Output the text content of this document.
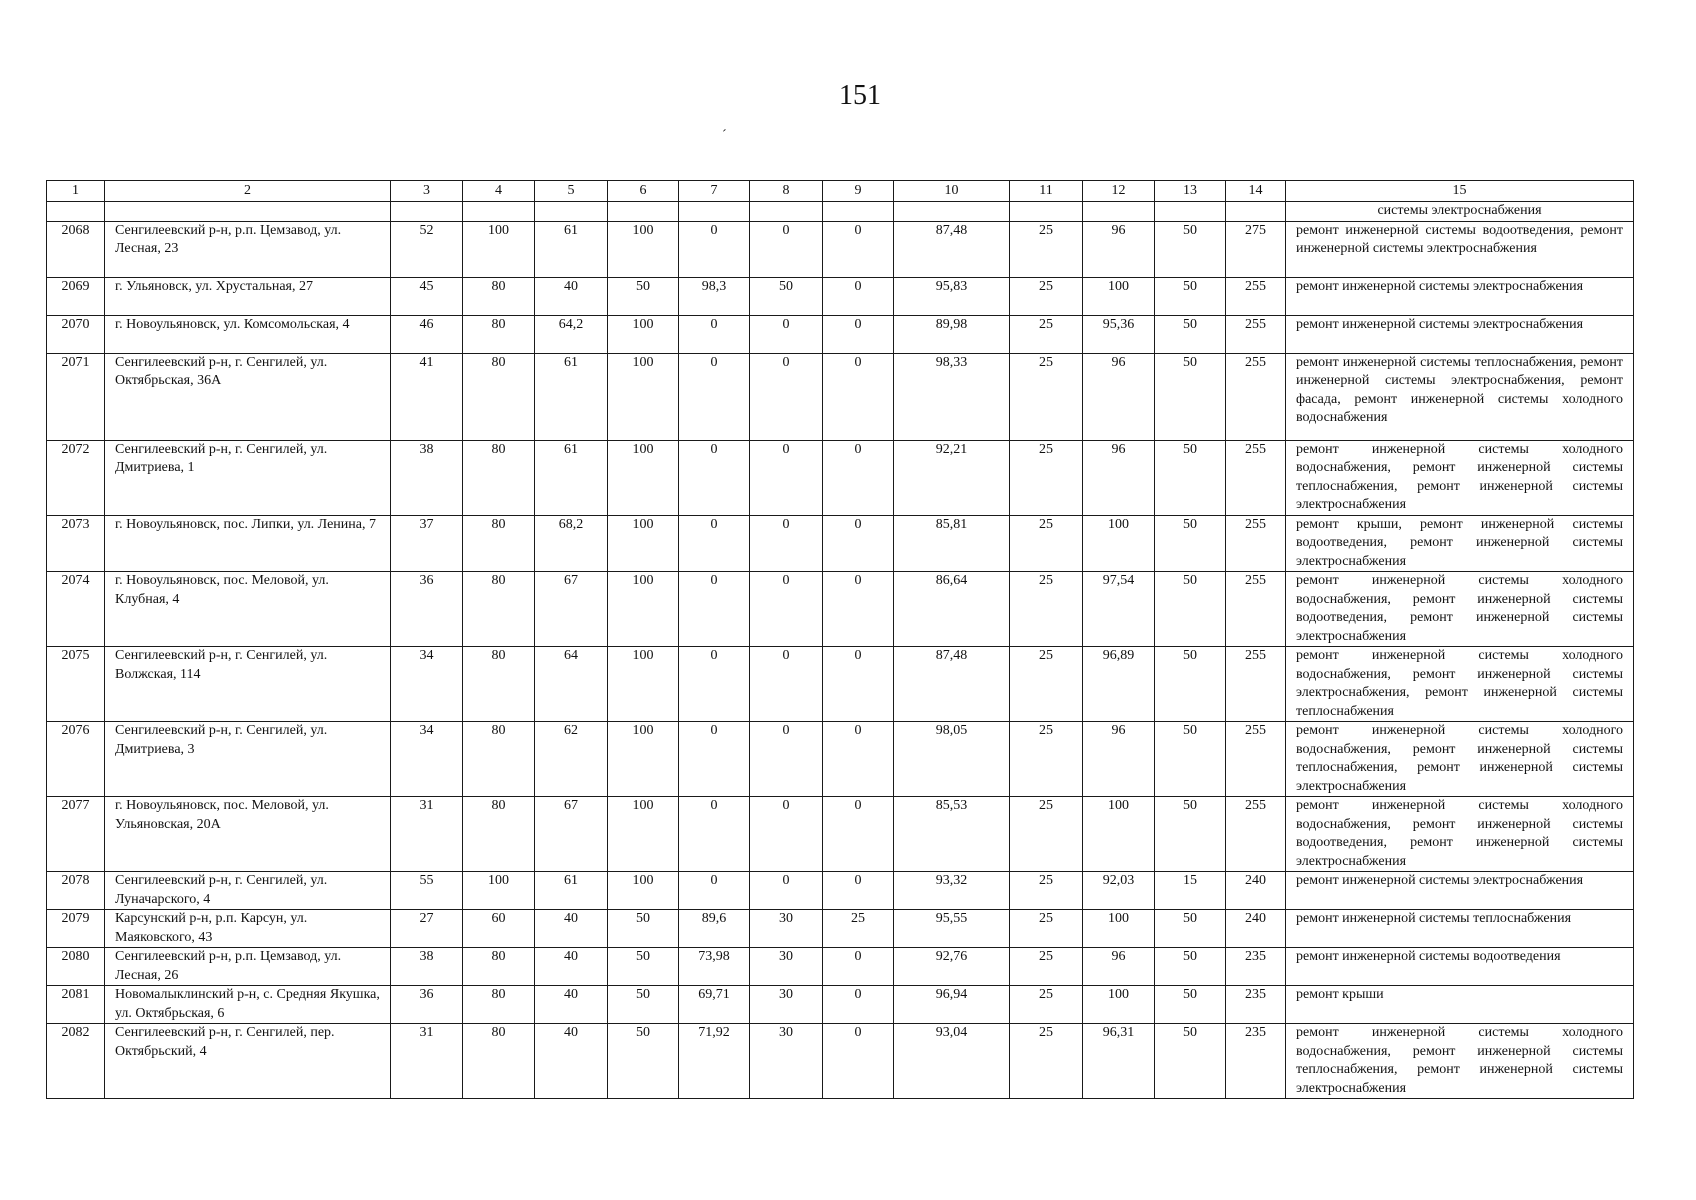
151
´
1	2	3	4	5	6	7	8	9	10	11	12	13	14	15
														системы электроснабжения
2068	Сенгилеевский р-н, р.п. Цемзавод, ул. Лесная, 23	52	100	61	100	0	0	0	87,48	25	96	50	275	ремонт инженерной системы водоотведения, ремонт инженерной системы электроснабжения
2069	г. Ульяновск, ул. Хрустальная, 27	45	80	40	50	98,3	50	0	95,83	25	100	50	255	ремонт инженерной системы электроснабжения
2070	г. Новоульяновск, ул. Комсомольская, 4	46	80	64,2	100	0	0	0	89,98	25	95,36	50	255	ремонт инженерной системы электроснабжения
2071	Сенгилеевский р-н, г. Сенгилей, ул. Октябрьская, 36А	41	80	61	100	0	0	0	98,33	25	96	50	255	ремонт инженерной системы теплоснабжения, ремонт инженерной системы электроснабжения, ремонт фасада, ремонт инженерной системы холодного водоснабжения
2072	Сенгилеевский р-н, г. Сенгилей, ул. Дмитриева, 1	38	80	61	100	0	0	0	92,21	25	96	50	255	ремонт инженерной системы холодного водоснабжения, ремонт инженерной системы теплоснабжения, ремонт инженерной системы электроснабжения
2073	г. Новоульяновск, пос. Липки, ул. Ленина, 7	37	80	68,2	100	0	0	0	85,81	25	100	50	255	ремонт крыши, ремонт инженерной системы водоотведения, ремонт инженерной системы электроснабжения
2074	г. Новоульяновск, пос. Меловой, ул. Клубная, 4	36	80	67	100	0	0	0	86,64	25	97,54	50	255	ремонт инженерной системы холодного водоснабжения, ремонт инженерной системы водоотведения, ремонт инженерной системы электроснабжения
2075	Сенгилеевский р-н, г. Сенгилей, ул. Волжская, 114	34	80	64	100	0	0	0	87,48	25	96,89	50	255	ремонт инженерной системы холодного водоснабжения, ремонт инженерной системы электроснабжения, ремонт инженерной системы теплоснабжения
2076	Сенгилеевский р-н, г. Сенгилей, ул. Дмитриева, 3	34	80	62	100	0	0	0	98,05	25	96	50	255	ремонт инженерной системы холодного водоснабжения, ремонт инженерной системы теплоснабжения, ремонт инженерной системы электроснабжения
2077	г. Новоульяновск, пос. Меловой, ул. Ульяновская, 20А	31	80	67	100	0	0	0	85,53	25	100	50	255	ремонт инженерной системы холодного водоснабжения, ремонт инженерной системы водоотведения, ремонт инженерной системы электроснабжения
2078	Сенгилеевский р-н, г. Сенгилей, ул. Луначарского, 4	55	100	61	100	0	0	0	93,32	25	92,03	15	240	ремонт инженерной системы электроснабжения
2079	Карсунский р-н, р.п. Карсун, ул. Маяковского, 43	27	60	40	50	89,6	30	25	95,55	25	100	50	240	ремонт инженерной системы теплоснабжения
2080	Сенгилеевский р-н, р.п. Цемзавод, ул. Лесная, 26	38	80	40	50	73,98	30	0	92,76	25	96	50	235	ремонт инженерной системы водоотведения
2081	Новомалыклинский р-н, с. Средняя Якушка, ул. Октябрьская, 6	36	80	40	50	69,71	30	0	96,94	25	100	50	235	ремонт крыши
2082	Сенгилеевский р-н, г. Сенгилей, пер. Октябрьский, 4	31	80	40	50	71,92	30	0	93,04	25	96,31	50	235	ремонт инженерной системы холодного водоснабжения, ремонт инженерной системы теплоснабжения, ремонт инженерной системы электроснабжения
